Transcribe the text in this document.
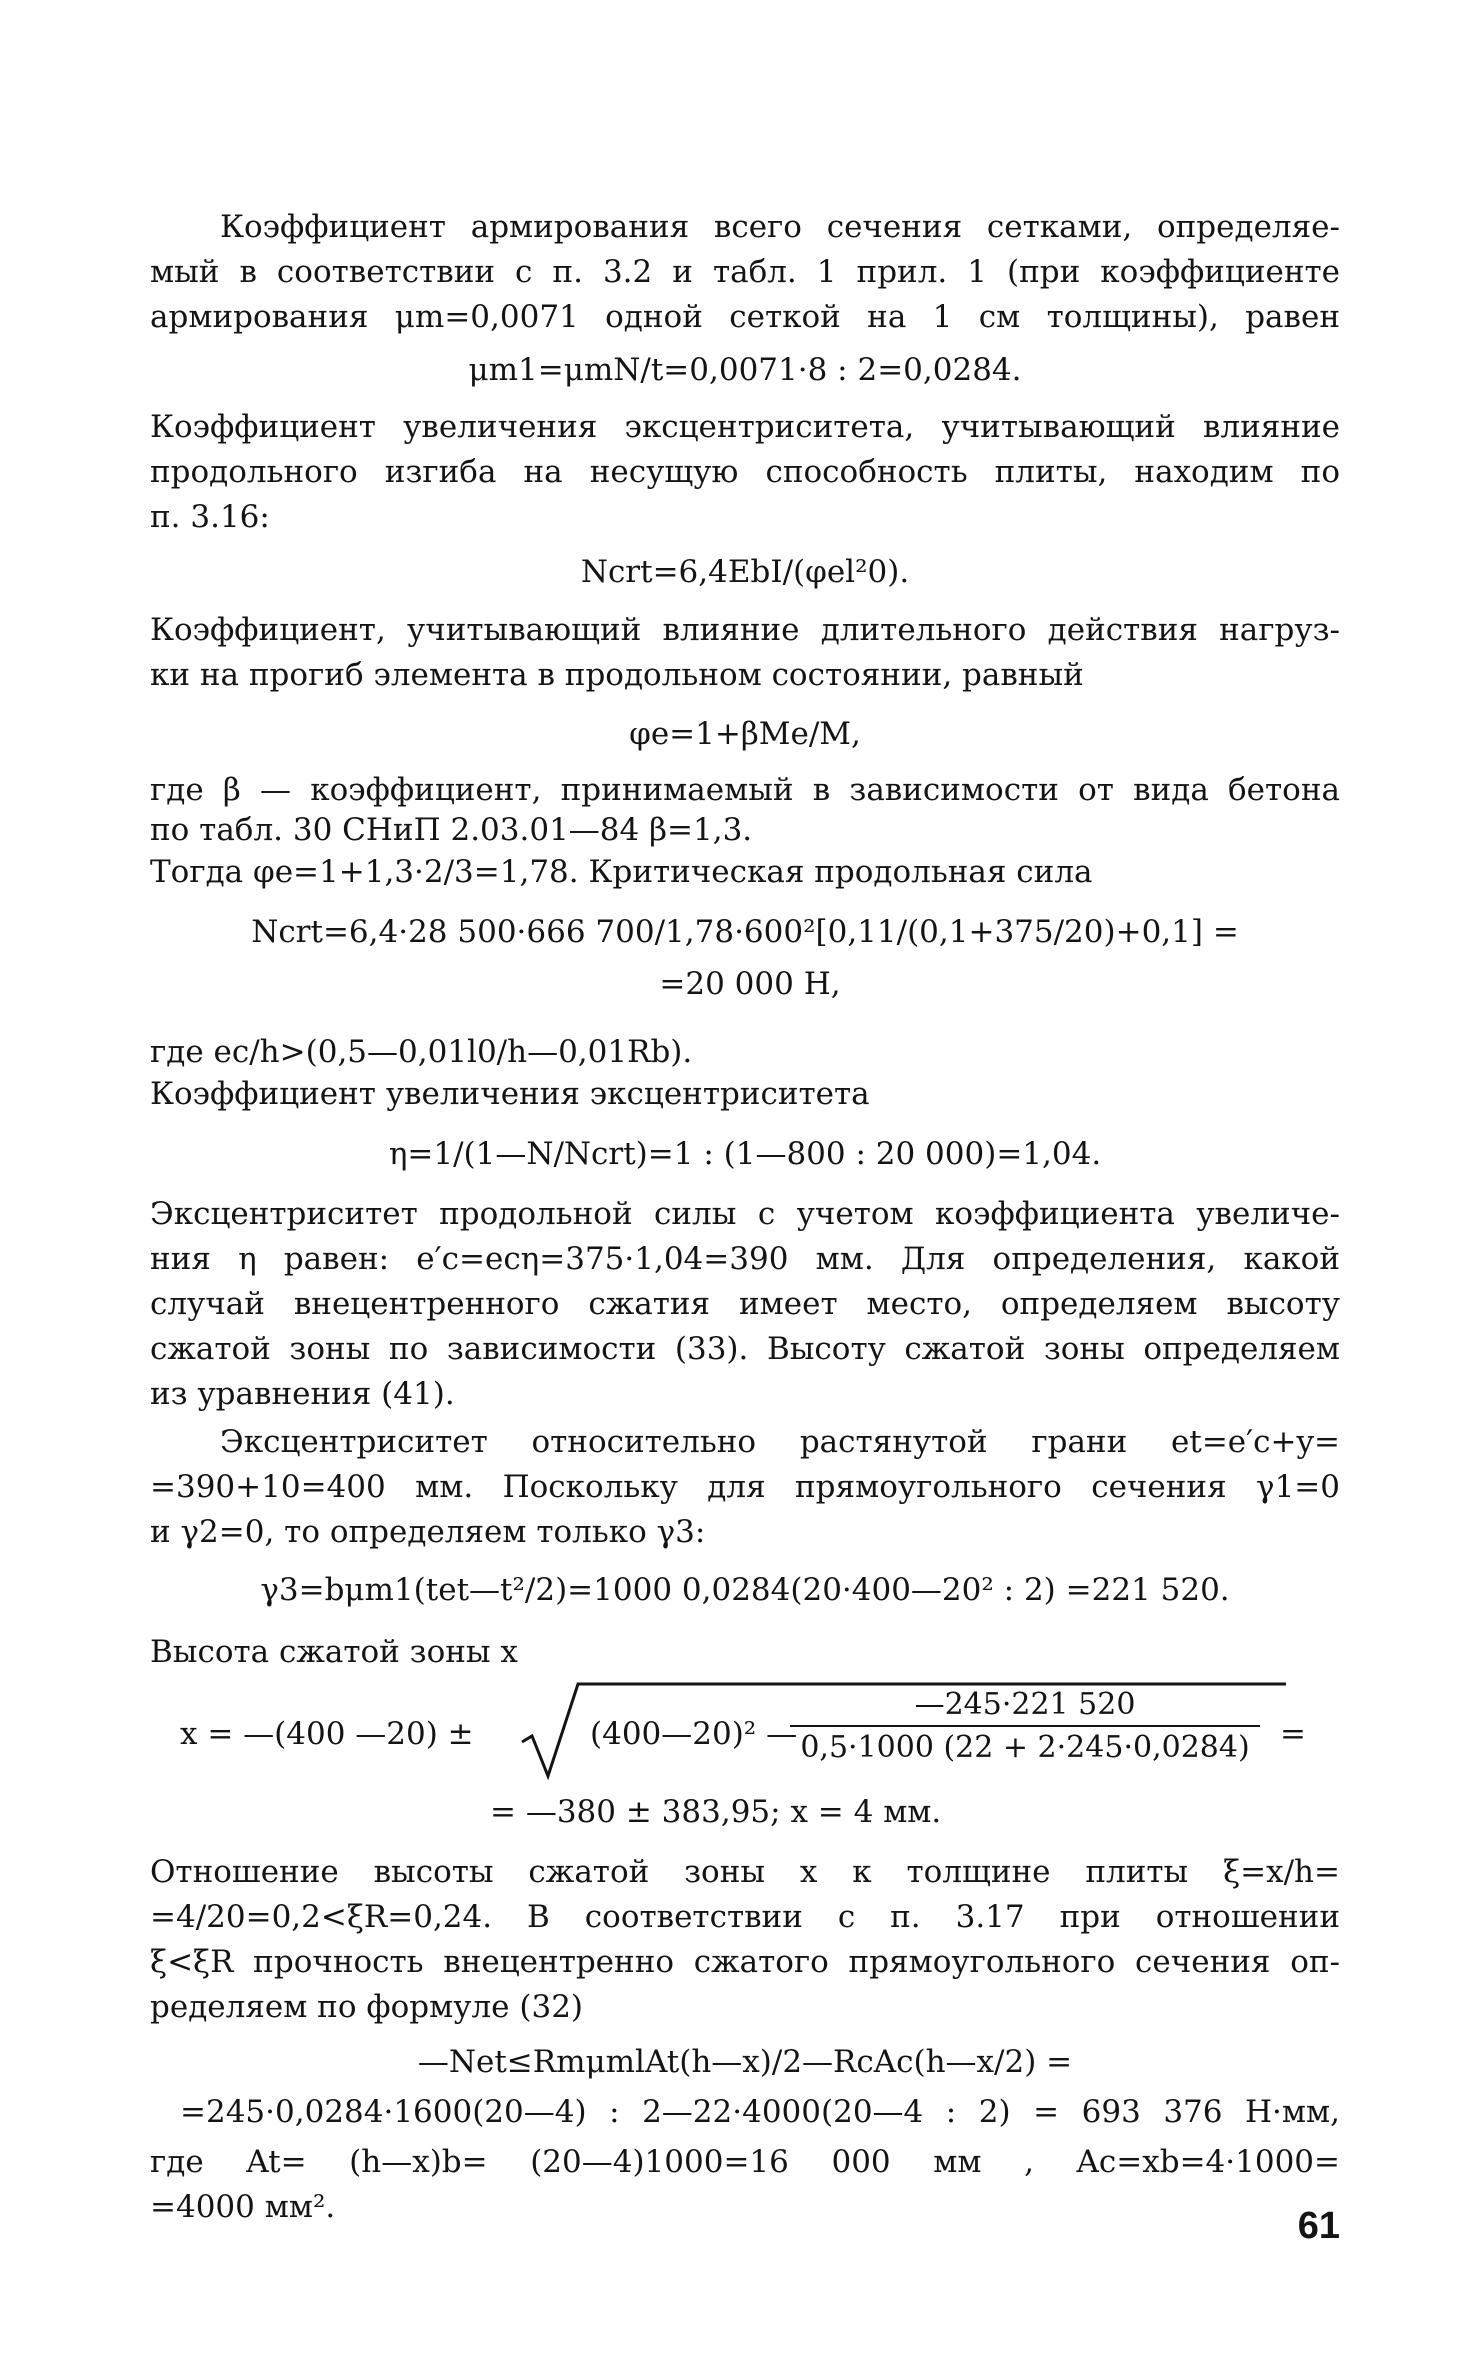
Коэффициент армирования всего сечения сетками, определяе-

мый в соответствии с п. 3.2 и табл. 1 прил. 1 (при коэффициенте

армирования μm=0,0071 одной сеткой на 1 см толщины), равен

μm1=μmN/t=0,0071·8 : 2=0,0284.

Коэффициент увеличения эксцентриситета, учитывающий влияние

продольного изгиба на несущую способность плиты, находим по

п. 3.16:

Ncrt=6,4EbI/(φel²0).

Коэффициент, учитывающий влияние длительного действия нагруз-

ки на прогиб элемента в продольном состоянии, равный

φe=1+βMe/M,

где β — коэффициент, принимаемый в зависимости от вида бетона

по табл. 30 СНиП 2.03.01—84 β=1,3.

Тогда φe=1+1,3·2/3=1,78. Критическая продольная сила

Ncrt=6,4·28 500·666 700/1,78·600²[0,11/(0,1+375/20)+0,1] =

=20 000 H,

где ec/h>(0,5—0,01l0/h—0,01Rb).

Коэффициент увеличения эксцентриситета

η=1/(1—N/Ncrt)=1 : (1—800 : 20 000)=1,04.

Эксцентриситет продольной силы с учетом коэффициента увеличе-

ния η равен: e′c=ecη=375·1,04=390 мм. Для определения, какой

случай внецентренного сжатия имеет место, определяем высоту

сжатой зоны по зависимости (33). Высоту сжатой зоны определяем

из уравнения (41).

Эксцентриситет относительно растянутой грани et=e′c+y=

=390+10=400 мм. Поскольку для прямоугольного сечения γ1=0

и γ2=0, то определяем только γ3:

γ3=bμm1(tet—t²/2)=1000 0,0284(20·400—20² : 2) =221 520.

Высота сжатой зоны x

x = —(400 —20) ±	(400—20)² —
—245·221 520
0,5·1000 (22 + 2·245·0,0284) =

= —380 ± 383,95; x = 4 мм.

Отношение высоты сжатой зоны x к толщине плиты ξ=x/h=

=4/20=0,2<ξR=0,24. В соответствии с п. 3.17 при отношении

ξ<ξR прочность внецентренно сжатого прямоугольного сечения оп-

ределяем по формуле (32)

—Net≤RmμmlAt(h—x)/2—RcAc(h—x/2) =

=245·0,0284·1600(20—4) : 2—22·4000(20—4 : 2) = 693 376 Н·мм,

где At= (h—x)b= (20—4)1000=16 000 мм , Ac=xb=4·1000=

=4000 мм².	61
